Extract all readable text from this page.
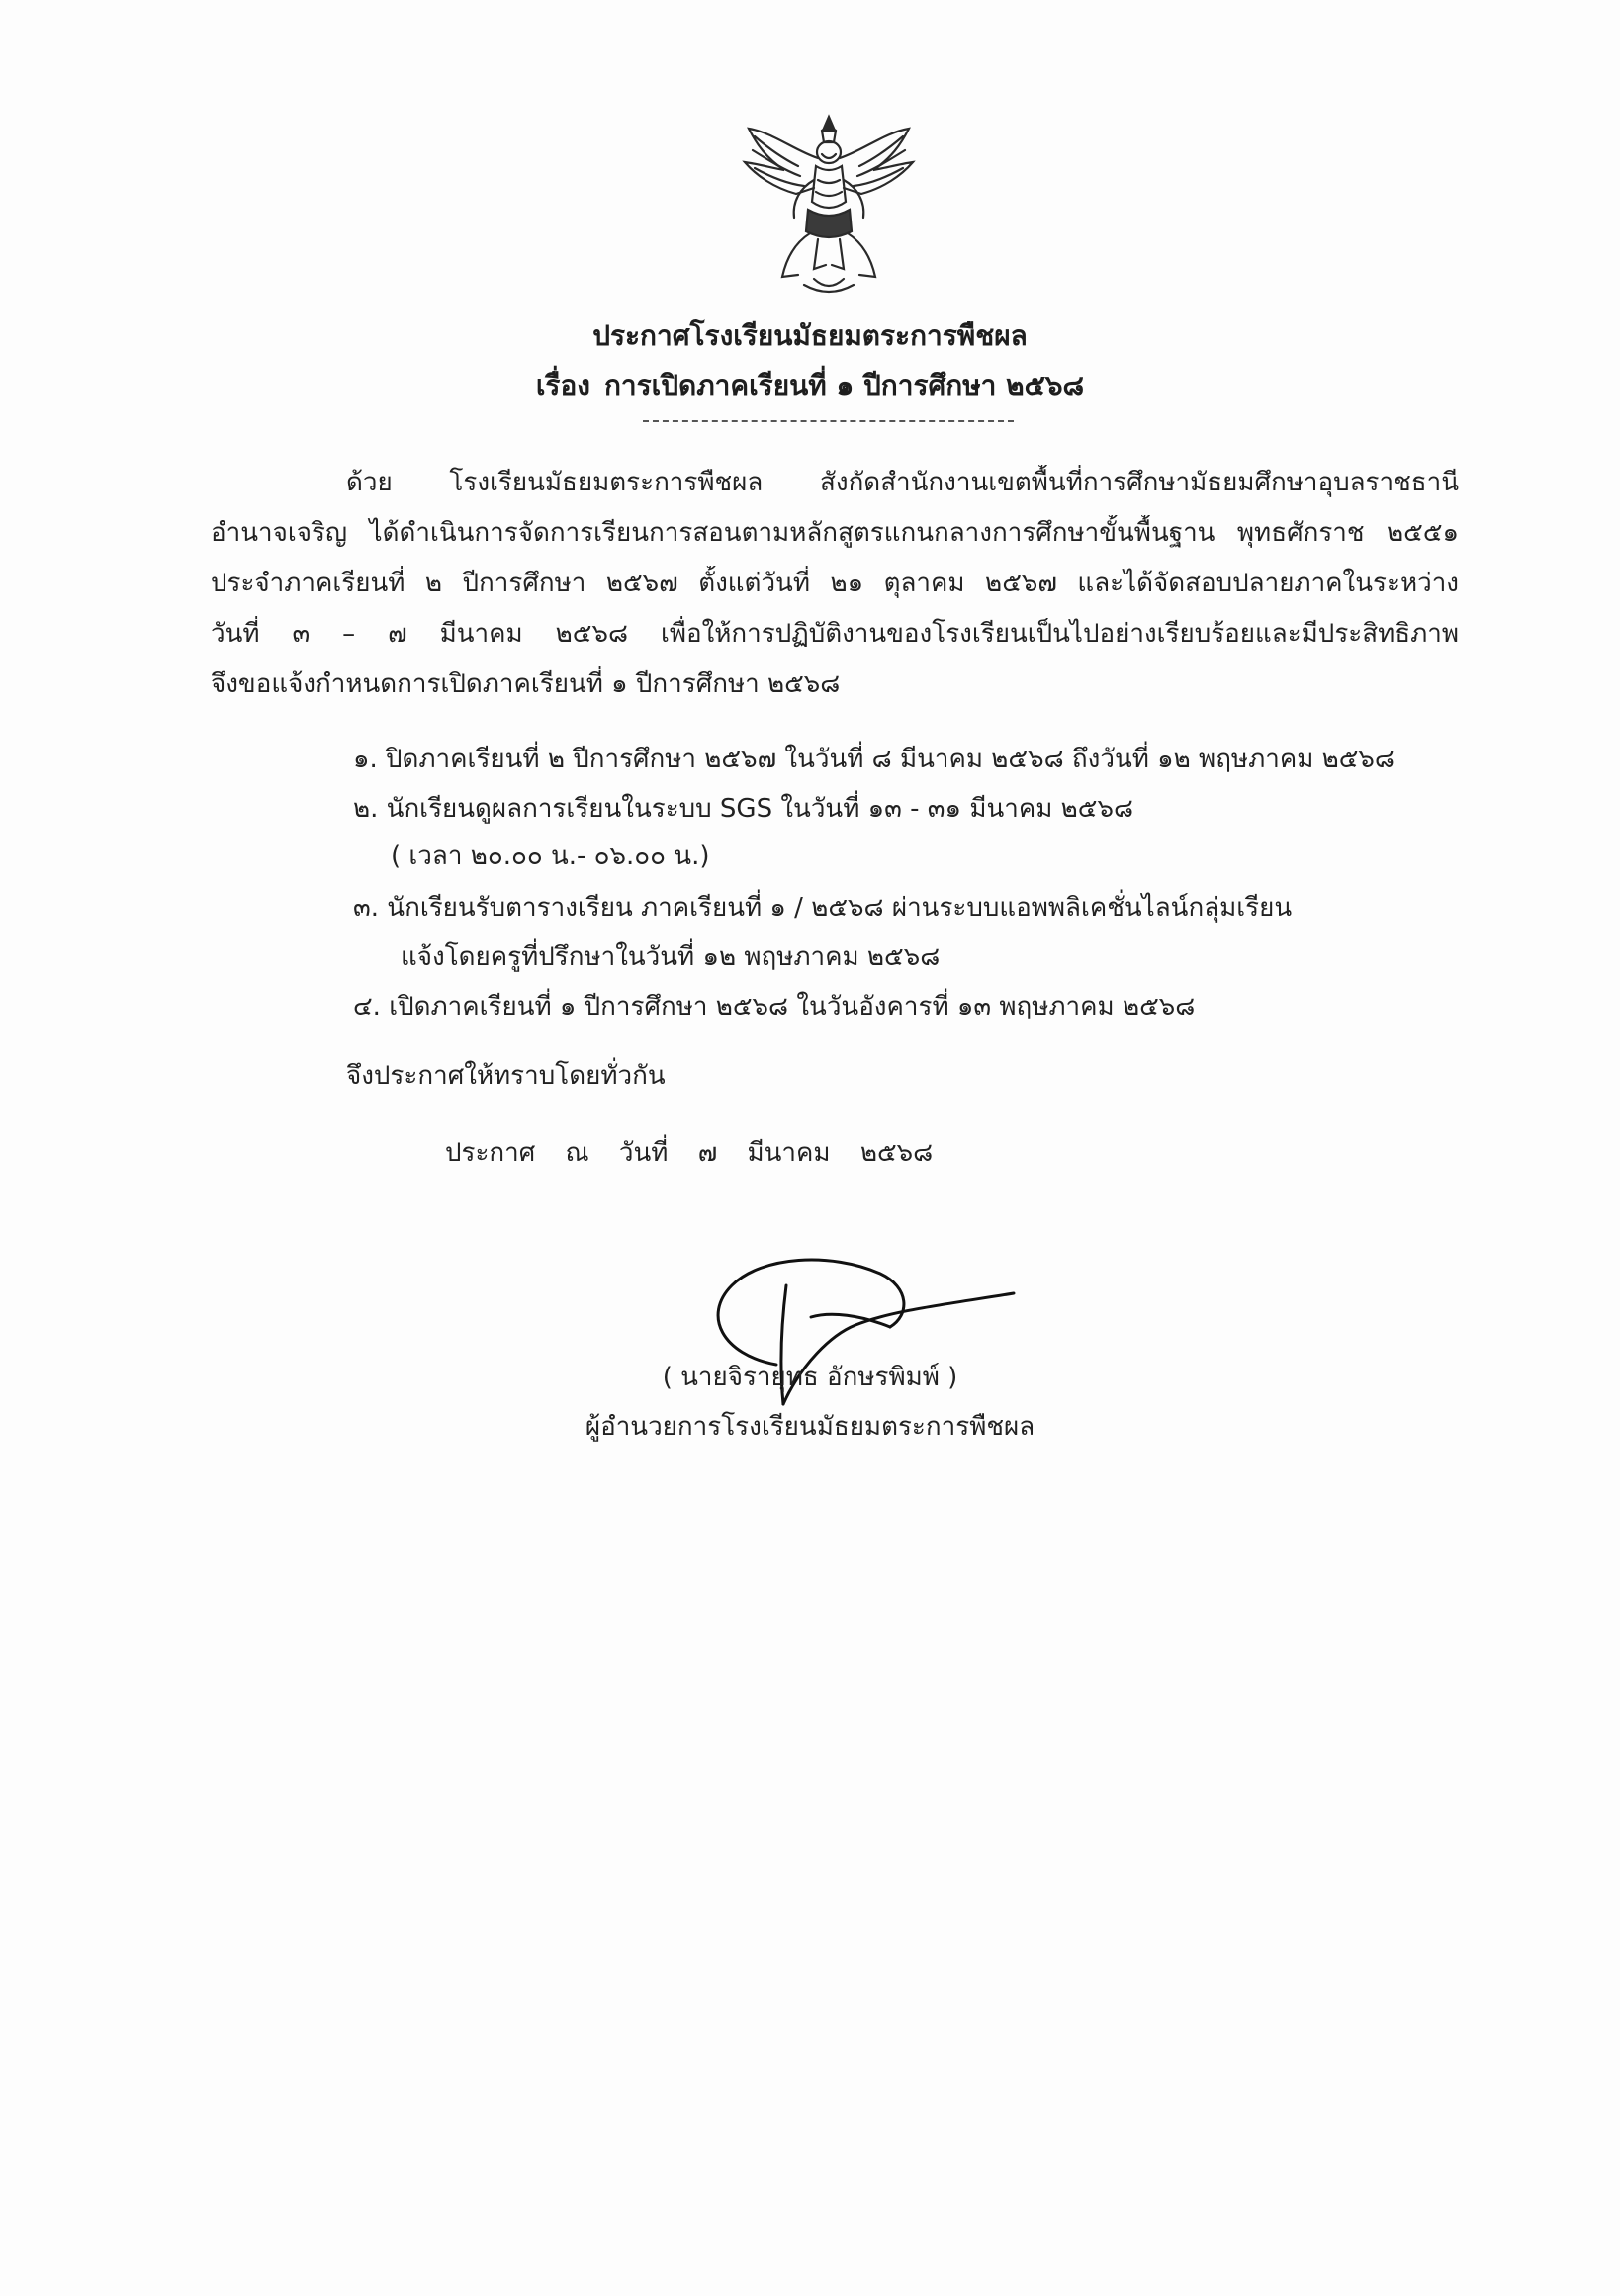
ประกาศโรงเรียนมัธยมตระการพืชผล
เรื่อง การเปิดภาคเรียนที่ ๑ ปีการศึกษา ๒๕๖๘
ด้วย โรงเรียนมัธยมตระการพืชผล สังกัดสำนักงานเขตพื้นที่การศึกษามัธยมศึกษาอุบลราชธานี
อำนาจเจริญ ได้ดำเนินการจัดการเรียนการสอนตามหลักสูตรแกนกลางการศึกษาขั้นพื้นฐาน พุทธศักราช ๒๕๕๑
ประจำภาคเรียนที่ ๒ ปีการศึกษา ๒๕๖๗ ตั้งแต่วันที่ ๒๑ ตุลาคม ๒๕๖๗ และได้จัดสอบปลายภาคในระหว่าง
วันที่ ๓ – ๗ มีนาคม ๒๕๖๘ เพื่อให้การปฏิบัติงานของโรงเรียนเป็นไปอย่างเรียบร้อยและมีประสิทธิภาพ
จึงขอแจ้งกำหนดการเปิดภาคเรียนที่ ๑ ปีการศึกษา ๒๕๖๘
๑. ปิดภาคเรียนที่ ๒ ปีการศึกษา ๒๕๖๗ ในวันที่ ๘ มีนาคม ๒๕๖๘ ถึงวันที่ ๑๒ พฤษภาคม ๒๕๖๘
๒. นักเรียนดูผลการเรียนในระบบ SGS ในวันที่ ๑๓ - ๓๑ มีนาคม ๒๕๖๘
( เวลา ๒๐.๐๐ น.- ๐๖.๐๐ น.)
๓. นักเรียนรับตารางเรียน ภาคเรียนที่ ๑ / ๒๕๖๘ ผ่านระบบแอพพลิเคชั่นไลน์กลุ่มเรียน
แจ้งโดยครูที่ปรึกษาในวันที่ ๑๒ พฤษภาคม ๒๕๖๘
๔. เปิดภาคเรียนที่ ๑ ปีการศึกษา ๒๕๖๘ ในวันอังคารที่ ๑๓ พฤษภาคม ๒๕๖๘
จึงประกาศให้ทราบโดยทั่วกัน
ประกาศ ณ วันที่ ๗ มีนาคม ๒๕๖๘
( นายจิรายุทธ อักษรพิมพ์ )
ผู้อำนวยการโรงเรียนมัธยมตระการพืชผล
